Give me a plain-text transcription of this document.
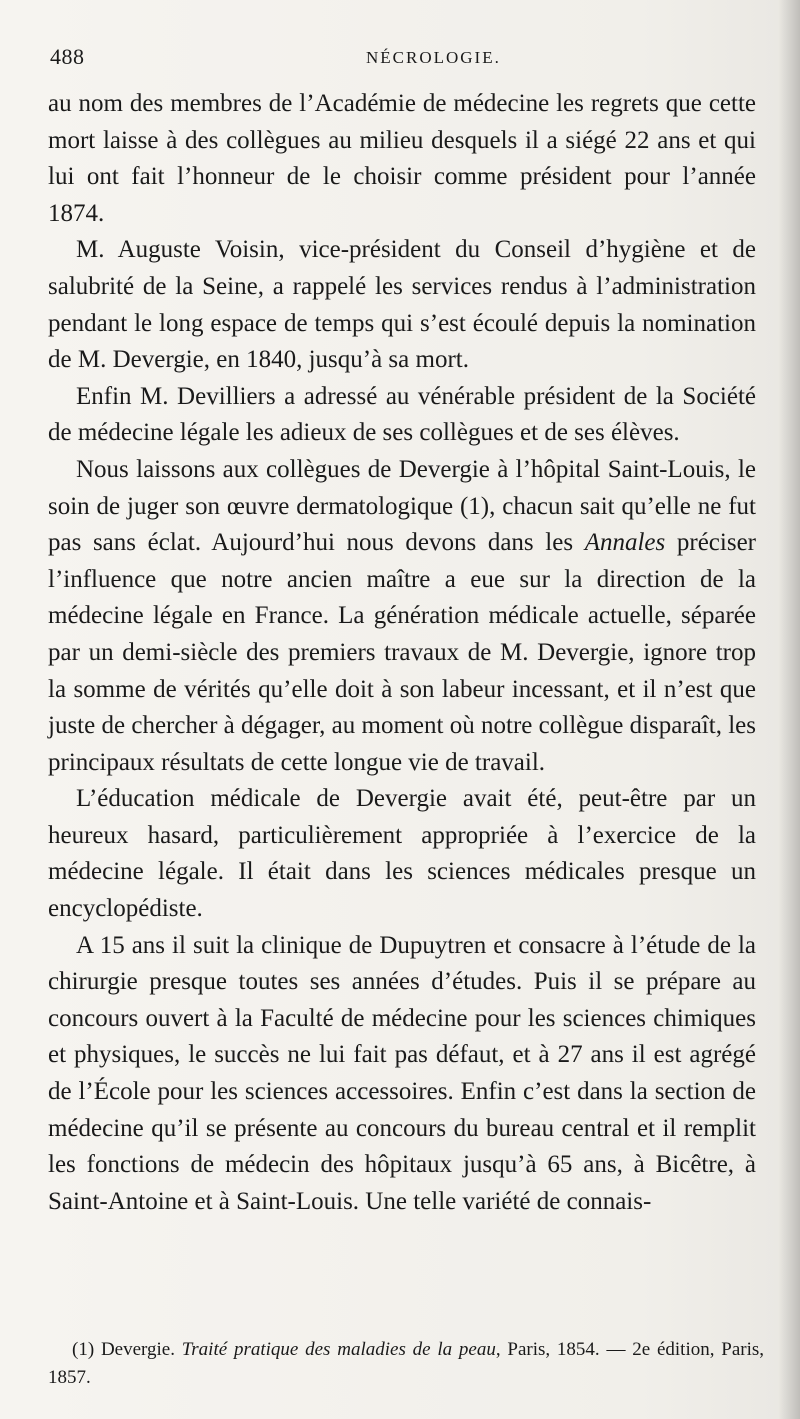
488	NÉCROLOGIE.

au nom des membres de l’Académie de médecine les regrets que cette mort laisse à des collègues au milieu desquels il a siégé 22 ans et qui lui ont fait l’honneur de le choisir comme président pour l’année 1874.

M. Auguste Voisin, vice-président du Conseil d’hygiène et de salubrité de la Seine, a rappelé les services rendus à l’administration pendant le long espace de temps qui s’est écoulé depuis la nomination de M. Devergie, en 1840, jusqu’à sa mort.

Enfin M. Devilliers a adressé au vénérable président de la Société de médecine légale les adieux de ses collègues et de ses élèves.

Nous laissons aux collègues de Devergie à l’hôpital Saint-Louis, le soin de juger son œuvre dermatologique (1), chacun sait qu’elle ne fut pas sans éclat. Aujourd’hui nous devons dans les Annales préciser l’influence que notre ancien maître a eue sur la direction de la médecine légale en France. La génération médicale actuelle, séparée par un demi-siècle des premiers travaux de M. Devergie, ignore trop la somme de vérités qu’elle doit à son labeur incessant, et il n’est que juste de chercher à dégager, au moment où notre collègue disparaît, les principaux résultats de cette longue vie de travail.

L’éducation médicale de Devergie avait été, peut-être par un heureux hasard, particulièrement appropriée à l’exercice de la médecine légale. Il était dans les sciences médicales presque un encyclopédiste.

A 15 ans il suit la clinique de Dupuytren et consacre à l’étude de la chirurgie presque toutes ses années d’études. Puis il se prépare au concours ouvert à la Faculté de médecine pour les sciences chimiques et physiques, le succès ne lui fait pas défaut, et à 27 ans il est agrégé de l’École pour les sciences accessoires. Enfin c’est dans la section de médecine qu’il se présente au concours du bureau central et il remplit les fonctions de médecin des hôpitaux jusqu’à 65 ans, à Bicêtre, à Saint-Antoine et à Saint-Louis. Une telle variété de connais-

(1) Devergie. Traité pratique des maladies de la peau, Paris, 1854. — 2e édition, Paris, 1857.
